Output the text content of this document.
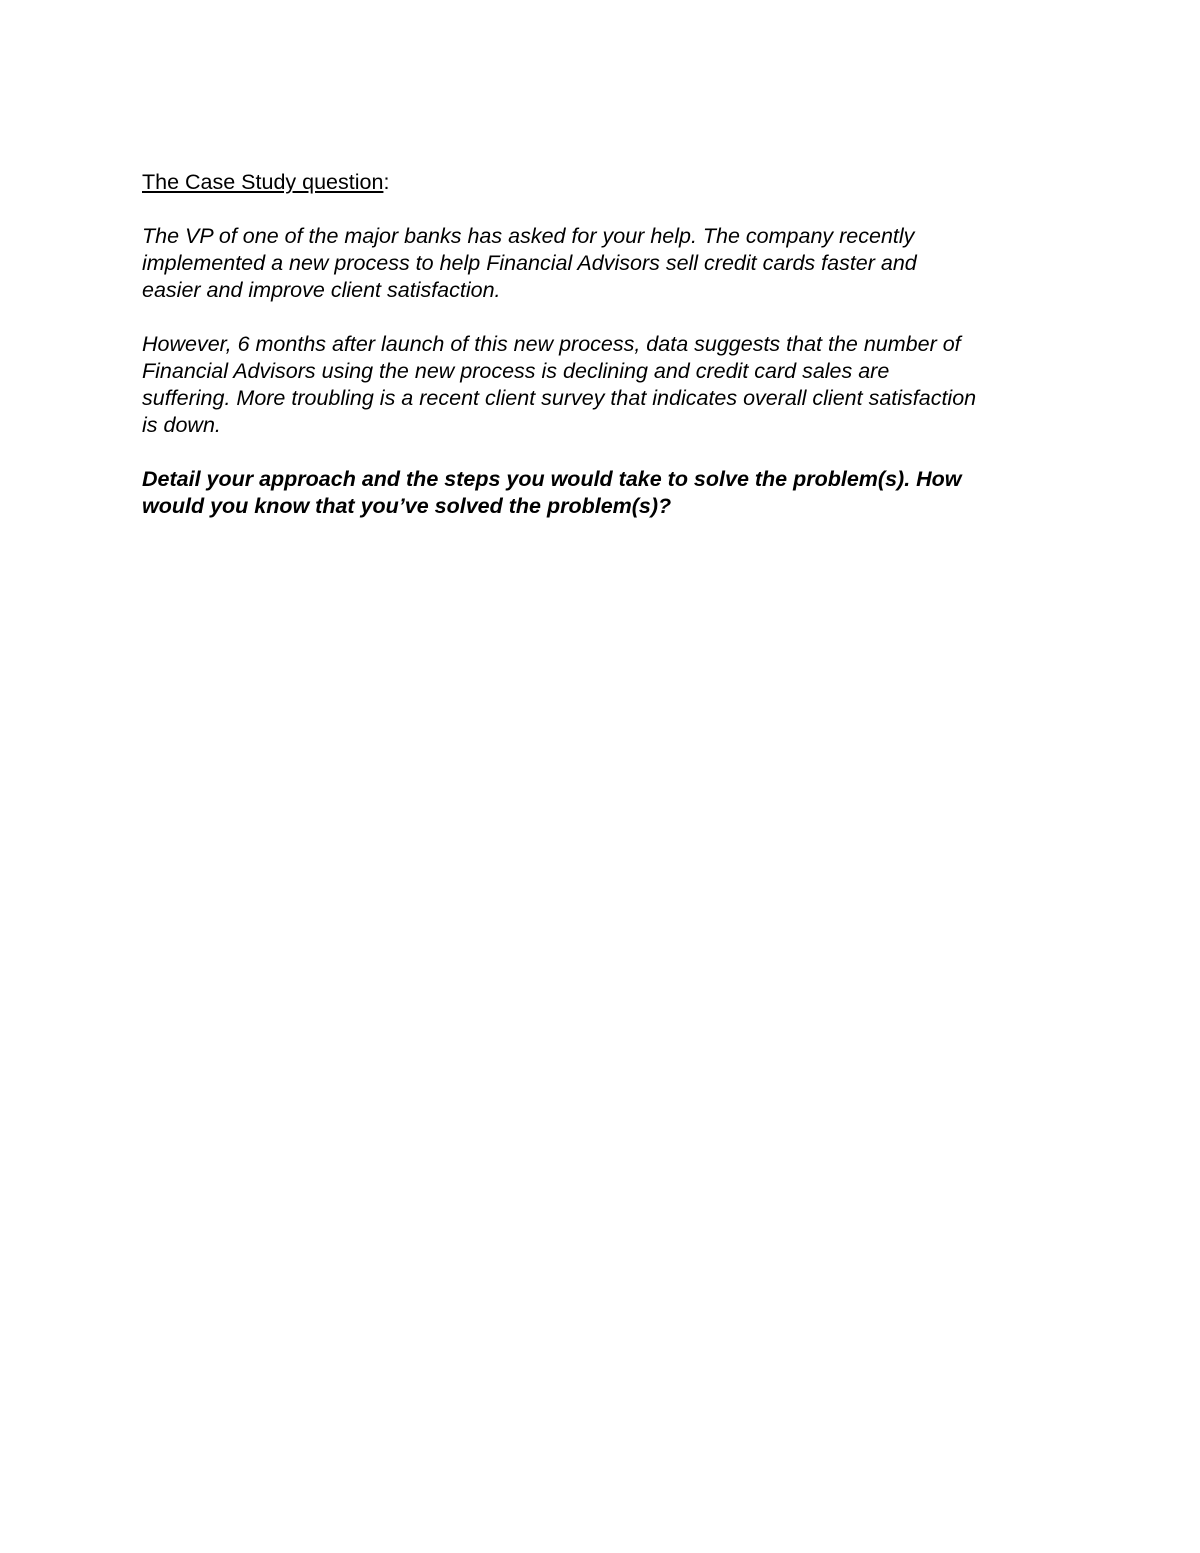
The Case Study question:
The VP of one of the major banks has asked for your help. The company recently
implemented a new process to help Financial Advisors sell credit cards faster and
easier and improve client satisfaction.
However, 6 months after launch of this new process, data suggests that the number of
Financial Advisors using the new process is declining and credit card sales are
suffering. More troubling is a recent client survey that indicates overall client satisfaction
is down.
Detail your approach and the steps you would take to solve the problem(s). How
would you know that you’ve solved the problem(s)?
